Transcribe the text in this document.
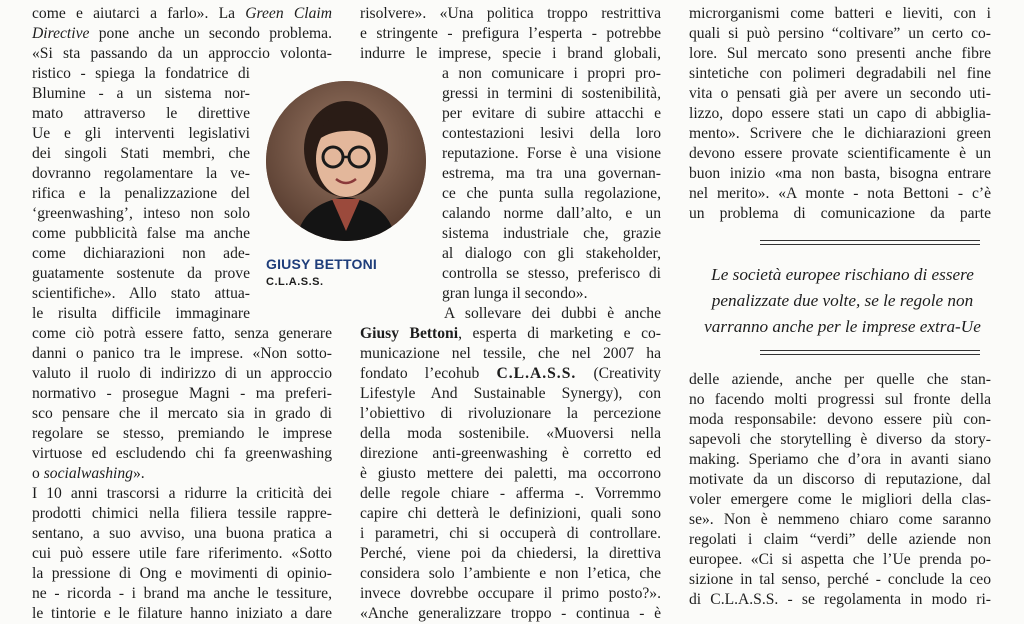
come e aiutarci a farlo». La Green Claim
Directive pone anche un secondo problema.
«Si sta passando da un approccio volonta-
ristico - spiega la fondatrice di
Blumine - a un sistema nor-
mato attraverso le direttive
Ue e gli interventi legislativi
dei singoli Stati membri, che
dovranno regolamentare la ve-
rifica e la penalizzazione del
‘greenwashing’, inteso non solo
come pubblicità false ma anche
come dichiarazioni non ade-
guatamente sostenute da prove
scientifiche». Allo stato attua-
le risulta difficile immaginare
come ciò potrà essere fatto, senza generare
danni o panico tra le imprese. «Non sotto-
valuto il ruolo di indirizzo di un approccio
normativo - prosegue Magni - ma preferi-
sco pensare che il mercato sia in grado di
regolare se stesso, premiando le imprese
virtuose ed escludendo chi fa greenwashing
o socialwashing».
I 10 anni trascorsi a ridurre la criticità dei
prodotti chimici nella filiera tessile rappre-
sentano, a suo avviso, una buona pratica a
cui può essere utile fare riferimento. «Sotto
la pressione di Ong e movimenti di opinio-
ne - ricorda - i brand ma anche le tessiture,
le tintorie e le filature hanno iniziato a dare
risolvere». «Una politica troppo restrittiva
e stringente - prefigura l’esperta - potrebbe
indurre le imprese, specie i brand globali,
a non comunicare i propri pro-
gressi in termini di sostenibilità,
per evitare di subire attacchi e
contestazioni lesivi della loro
reputazione. Forse è una visione
estrema, ma tra una governan-
ce che punta sulla regolazione,
calando norme dall’alto, e un
sistema industriale che, grazie
al dialogo con gli stakeholder,
controlla se stesso, preferisco di
gran lunga il secondo».
A sollevare dei dubbi è anche
Giusy Bettoni, esperta di marketing e co-
municazione nel tessile, che nel 2007 ha
fondato l’ecohub C.L.A.S.S. (Creativity
Lifestyle And Sustainable Synergy), con
l’obiettivo di rivoluzionare la percezione
della moda sostenibile. «Muoversi nella
direzione anti-greenwashing è corretto ed
è giusto mettere dei paletti, ma occorrono
delle regole chiare - afferma -. Vorremmo
capire chi detterà le definizioni, quali sono
i parametri, chi si occuperà di controllare.
Perché, viene poi da chiedersi, la direttiva
considera solo l’ambiente e non l’etica, che
invece dovrebbe occupare il primo posto?».
«Anche generalizzare troppo - continua - è
microrganismi come batteri e lieviti, con i
quali si può persino “coltivare” un certo co-
lore. Sul mercato sono presenti anche fibre
sintetiche con polimeri degradabili nel fine
vita o pensati già per avere un secondo uti-
lizzo, dopo essere stati un capo di abbiglia-
mento». Scrivere che le dichiarazioni green
devono essere provate scientificamente è un
buon inizio «ma non basta, bisogna entrare
nel merito». «A monte - nota Bettoni - c’è
un problema di comunicazione da parte
delle aziende, anche per quelle che stan-
no facendo molti progressi sul fronte della
moda responsabile: devono essere più con-
sapevoli che storytelling è diverso da story-
making. Speriamo che d’ora in avanti siano
motivate da un discorso di reputazione, dal
voler emergere come le migliori della clas-
se». Non è nemmeno chiaro come saranno
regolati i claim “verdi” delle aziende non
europee. «Ci si aspetta che l’Ue prenda po-
sizione in tal senso, perché - conclude la ceo
di C.L.A.S.S. - se regolamenta in modo ri-
GIUSY BETTONI
C.L.A.S.S.	Le società europee rischiano di essere
penalizzate due volte, se le regole non
varranno anche per le imprese extra-Ue
